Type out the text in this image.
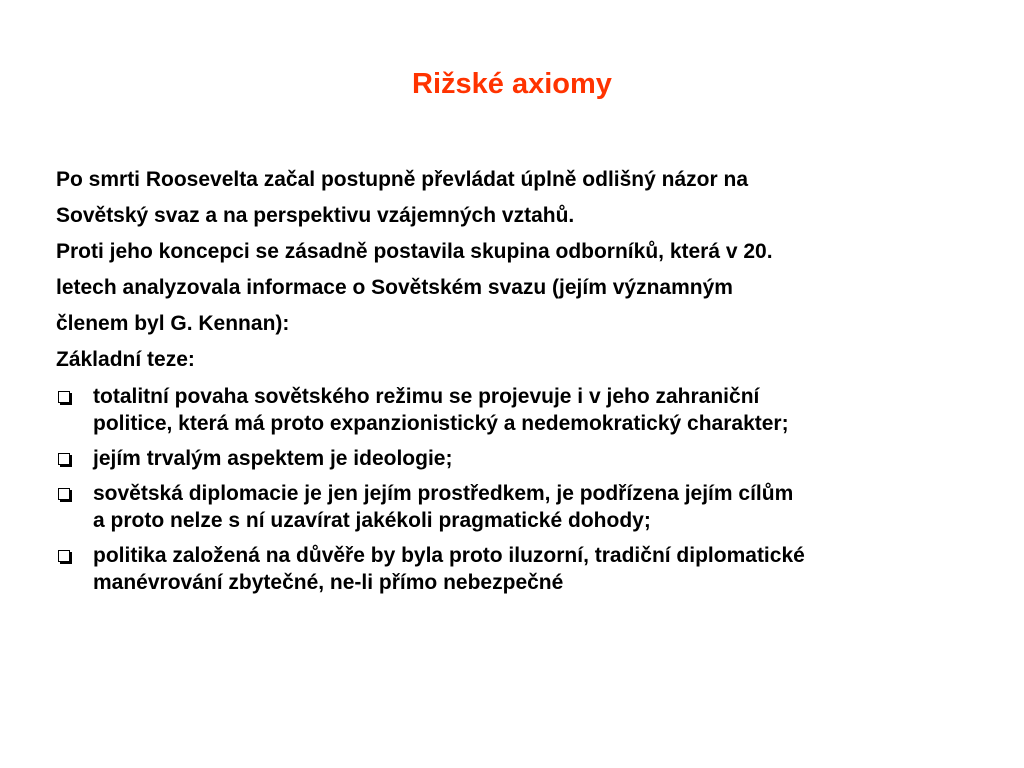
Rižské axiomy

Po smrti Roosevelta začal postupně převládat úplně odlišný názor na

Sovětský svaz a na perspektivu vzájemných vztahů.

Proti jeho koncepci se zásadně postavila skupina odborníků, která v 20.

letech analyzovala informace o Sovětském svazu (jejím významným

členem byl G. Kennan):

Základní teze:

totalitní povaha sovětského režimu se projevuje i v jeho zahraniční
politice, která má proto expanzionistický a nedemokratický charakter;
jejím trvalým aspektem je ideologie;
sovětská diplomacie je jen jejím prostředkem, je podřízena jejím cílům
a proto nelze s ní uzavírat jakékoli pragmatické dohody;
politika založená na důvěře by byla proto iluzorní, tradiční diplomatické
manévrování zbytečné, ne-li přímo nebezpečné
